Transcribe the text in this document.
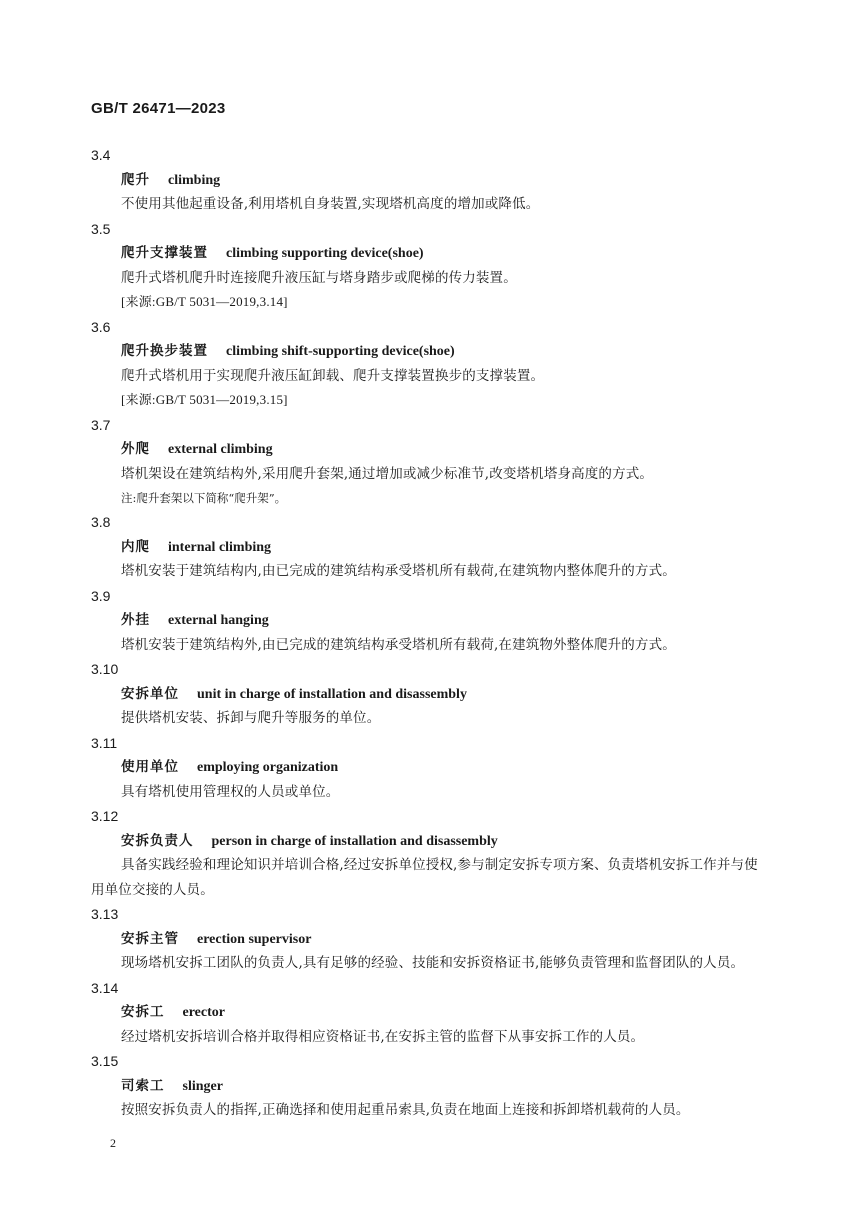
GB/T 26471—2023
3.4
爬升 climbing
不使用其他起重设备,利用塔机自身装置,实现塔机高度的增加或降低。
3.5
爬升支撑装置 climbing supporting device(shoe)
爬升式塔机爬升时连接爬升液压缸与塔身踏步或爬梯的传力装置。
[来源:GB/T 5031—2019,3.14]
3.6
爬升换步装置 climbing shift-supporting device(shoe)
爬升式塔机用于实现爬升液压缸卸载、爬升支撑装置换步的支撑装置。
[来源:GB/T 5031—2019,3.15]
3.7
外爬 external climbing
塔机架设在建筑结构外,采用爬升套架,通过增加或减少标准节,改变塔机塔身高度的方式。
注:爬升套架以下简称“爬升架”。
3.8
内爬 internal climbing
塔机安装于建筑结构内,由已完成的建筑结构承受塔机所有载荷,在建筑物内整体爬升的方式。
3.9
外挂 external hanging
塔机安装于建筑结构外,由已完成的建筑结构承受塔机所有载荷,在建筑物外整体爬升的方式。
3.10
安拆单位 unit in charge of installation and disassembly
提供塔机安装、拆卸与爬升等服务的单位。
3.11
使用单位 employing organization
具有塔机使用管理权的人员或单位。
3.12
安拆负责人 person in charge of installation and disassembly
具备实践经验和理论知识并培训合格,经过安拆单位授权,参与制定安拆专项方案、负责塔机安拆工作并与使用单位交接的人员。
3.13
安拆主管 erection supervisor
现场塔机安拆工团队的负责人,具有足够的经验、技能和安拆资格证书,能够负责管理和监督团队的人员。
3.14
安拆工 erector
经过塔机安拆培训合格并取得相应资格证书,在安拆主管的监督下从事安拆工作的人员。
3.15
司索工 slinger
按照安拆负责人的指挥,正确选择和使用起重吊索具,负责在地面上连接和拆卸塔机载荷的人员。
2
